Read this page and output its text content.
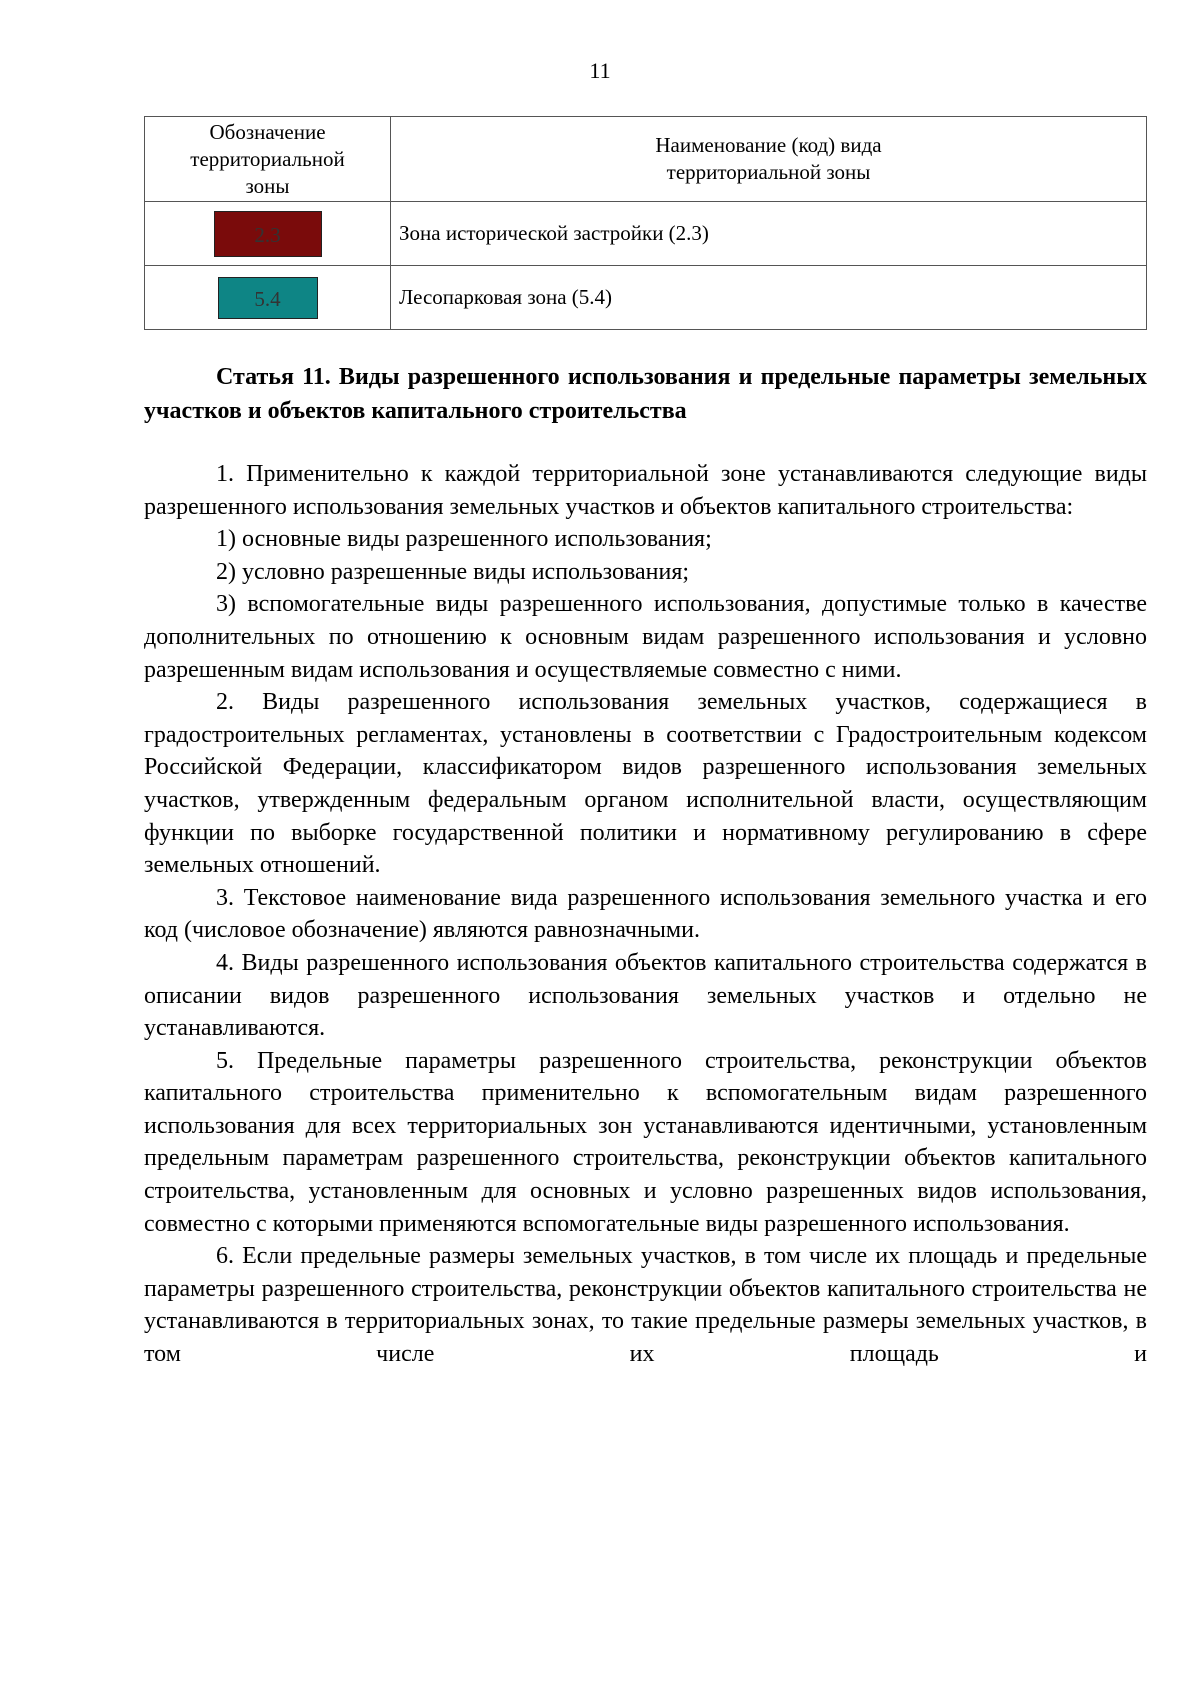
11
Обозначение территориальной зоны	Наименование (код) вида территориальной зоны

2.3	Зона исторической застройки (2.3)

5.4	Лесопарковая зона (5.4)

Статья 11. Виды разрешенного использования и предельные параметры земельных участков и объектов капитального строительства

1. Применительно к каждой территориальной зоне устанавливаются следующие виды разрешенного использования земельных участков и объектов капитального строительства:

1) основные виды разрешенного использования;

2) условно разрешенные виды использования;

3) вспомогательные виды разрешенного использования, допустимые только в качестве дополнительных по отношению к основным видам разрешенного использования и условно разрешенным видам использования и осуществляемые совместно с ними.

2. Виды разрешенного использования земельных участков, содержащиеся в градостроительных регламентах, установлены в соответствии с Градостроительным кодексом Российской Федерации, классификатором видов разрешенного использования земельных участков, утвержденным федеральным органом исполнительной власти, осуществляющим функции по выборке государственной политики и нормативному регулированию в сфере земельных отношений.

3. Текстовое наименование вида разрешенного использования земельного участка и его код (числовое обозначение) являются равнозначными.

4. Виды разрешенного использования объектов капитального строительства содержатся в описании видов разрешенного использования земельных участков и отдельно не устанавливаются.

5. Предельные параметры разрешенного строительства, реконструкции объектов капитального строительства применительно к вспомогательным видам разрешенного использования для всех территориальных зон устанавливаются идентичными, установленным предельным параметрам разрешенного строительства, реконструкции объектов капитального строительства, установленным для основных и условно разрешенных видов использования, совместно с которыми применяются вспомогательные виды разрешенного использования.

6. Если предельные размеры земельных участков, в том числе их площадь и предельные параметры разрешенного строительства, реконструкции объектов капитального строительства не устанавливаются в территориальных зонах, то такие предельные размеры земельных участков, в том числе их площадь и
